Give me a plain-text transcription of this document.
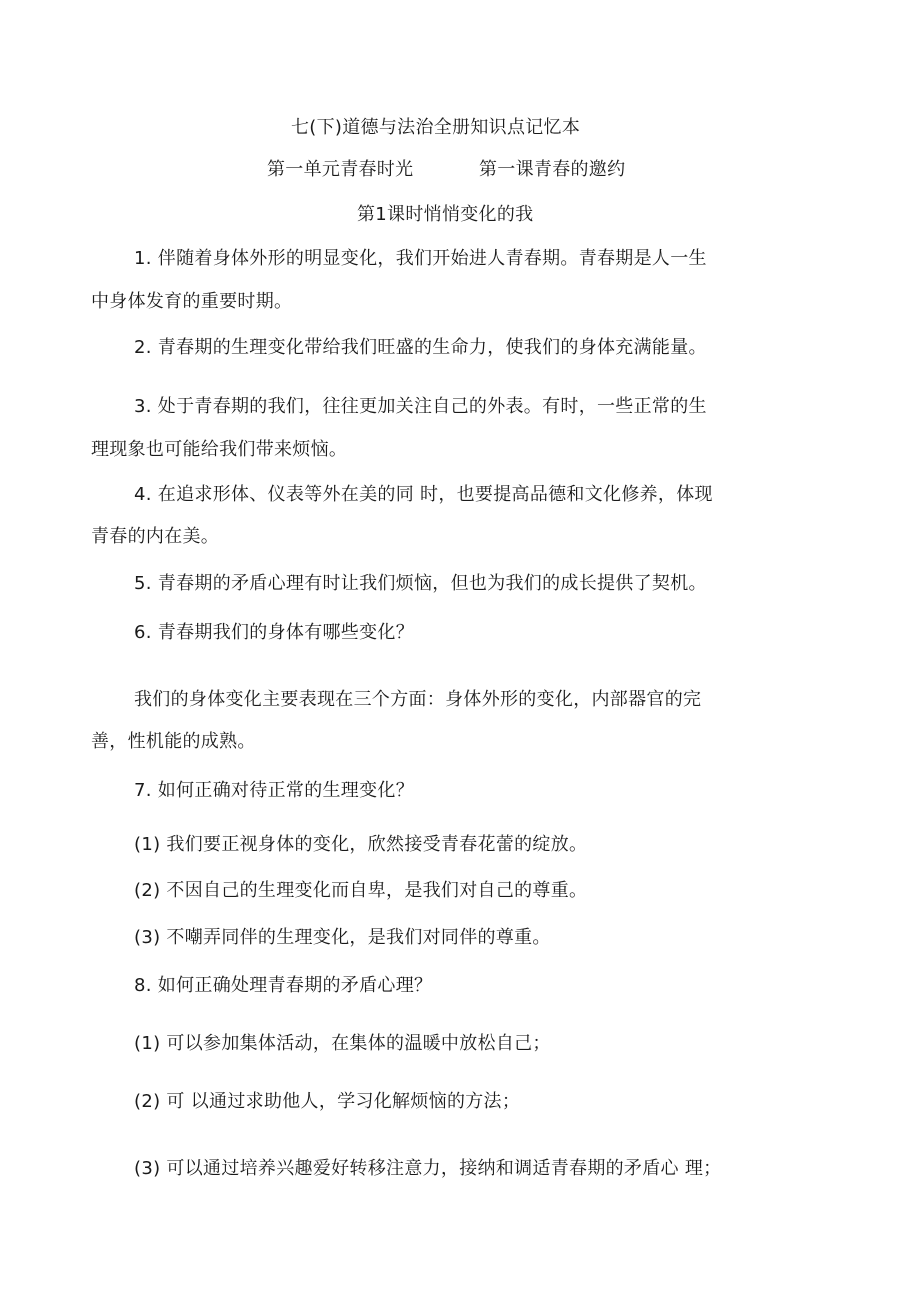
七(下)道德与法治全册知识点记忆本
第一单元青春时光	第一课青春的邀约
第1课时悄悄变化的我
1. 伴随着身体外形的明显变化，我们开始进人青春期。青春期是人一生
中身体发育的重要时期。
2. 青春期的生理变化带给我们旺盛的生命力，使我们的身体充满能量。
3. 处于青春期的我们，往往更加关注自己的外表。有时，一些正常的生
理现象也可能给我们带来烦恼。
4. 在追求形体、仪表等外在美的同 时，也要提高品德和文化修养，体现
青春的内在美。
5. 青春期的矛盾心理有时让我们烦恼，但也为我们的成长提供了契机。
6. 青春期我们的身体有哪些变化？
我们的身体变化主要表现在三个方面：身体外形的变化，内部器官的完
善，性机能的成熟。
7. 如何正确对待正常的生理变化？
(1) 我们要正视身体的变化，欣然接受青春花蕾的绽放。
(2) 不因自己的生理变化而自卑，是我们对自己的尊重。
(3) 不嘲弄同伴的生理变化，是我们对同伴的尊重。
8. 如何正确处理青春期的矛盾心理？
(1) 可以参加集体活动，在集体的温暖中放松自己；
(2) 可 以通过求助他人，学习化解烦恼的方法；
(3) 可以通过培养兴趣爱好转移注意力，接纳和调适青春期的矛盾心 理；
